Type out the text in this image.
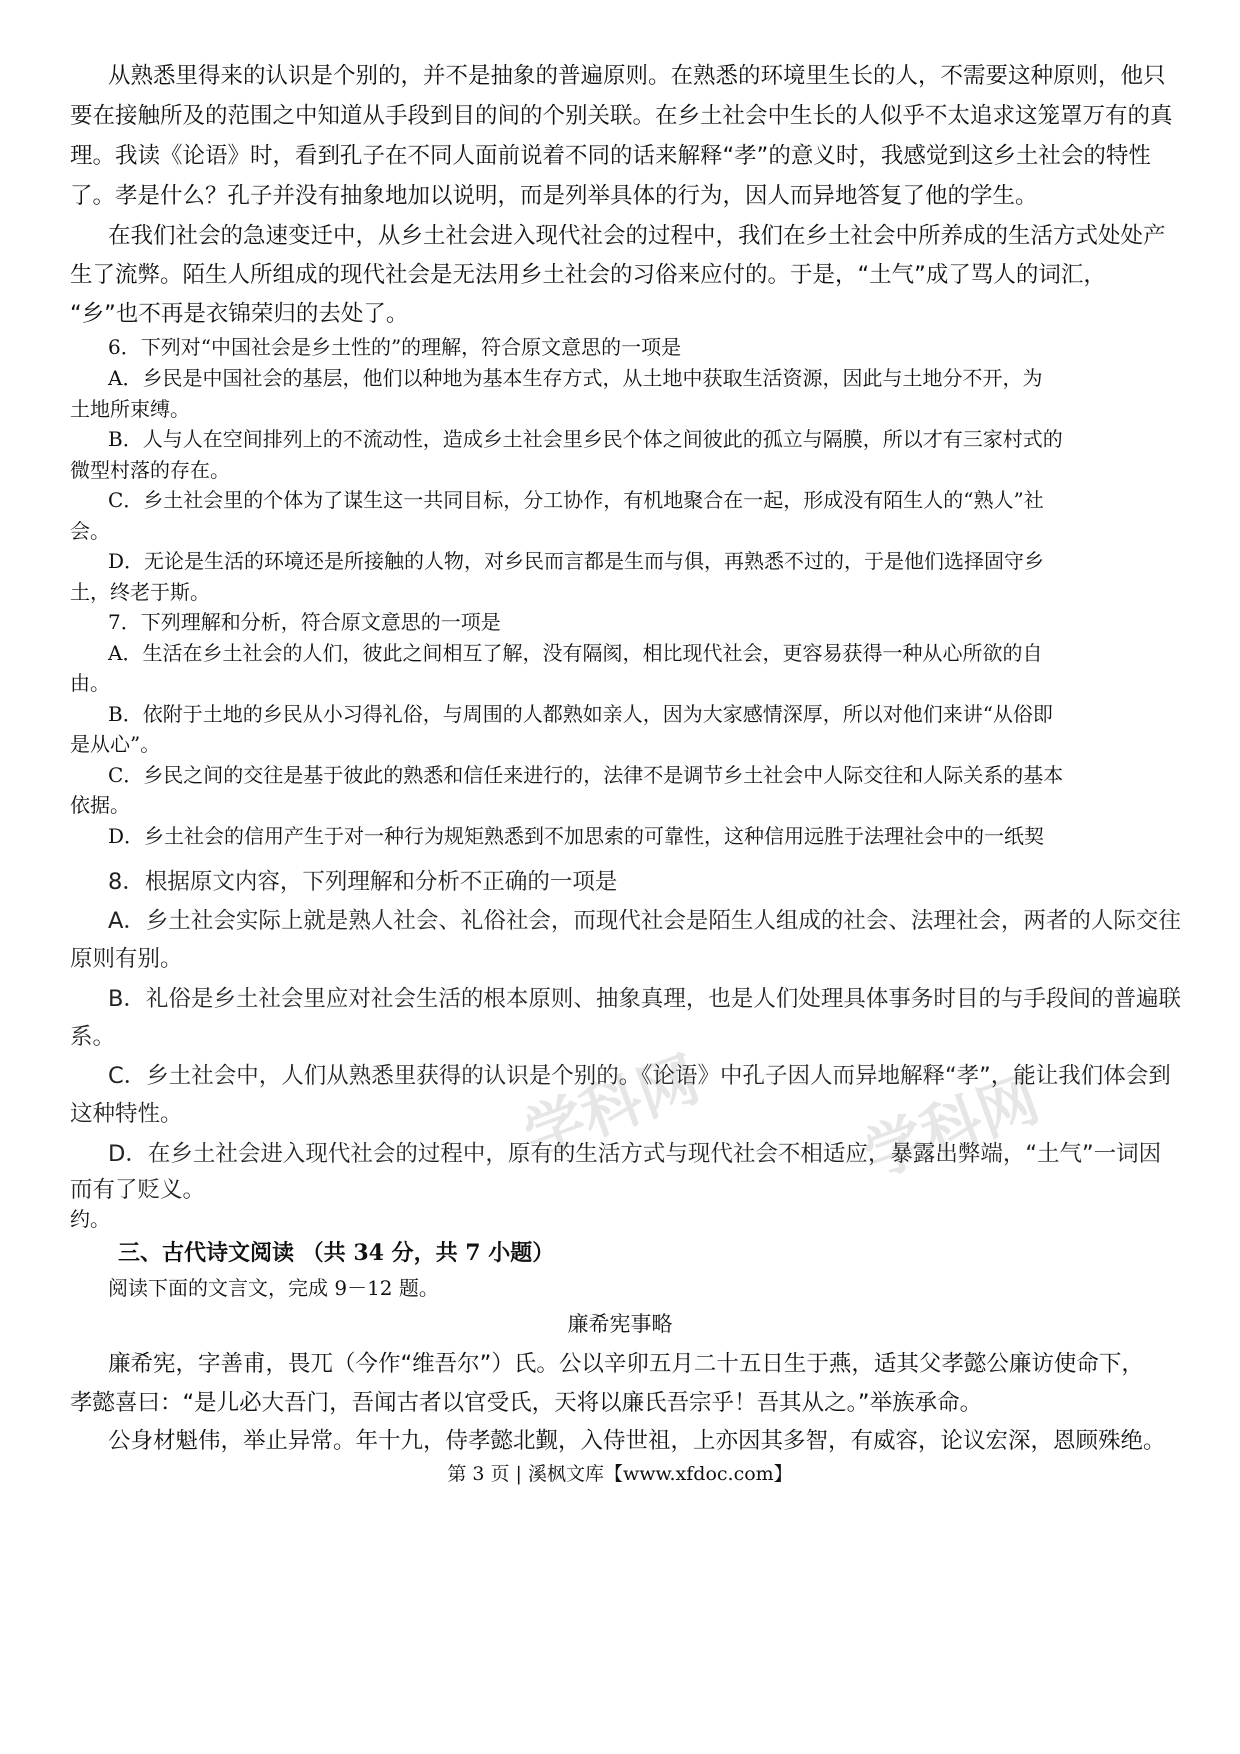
从熟悉里得来的认识是个别的，并不是抽象的普遍原则。在熟悉的环境里生长的人，不需要这种原则，他只
要在接触所及的范围之中知道从手段到目的间的个别关联。在乡土社会中生长的人似乎不太追求这笼罩万有的真
理。我读《论语》时，看到孔子在不同人面前说着不同的话来解释“孝”的意义时，我感觉到这乡土社会的特性
了。孝是什么？孔子并没有抽象地加以说明，而是列举具体的行为，因人而异地答复了他的学生。
在我们社会的急速变迁中，从乡土社会进入现代社会的过程中，我们在乡土社会中所养成的生活方式处处产
生了流弊。陌生人所组成的现代社会是无法用乡土社会的习俗来应付的。于是，“土气”成了骂人的词汇，
“乡”也不再是衣锦荣归的去处了。
6．下列对“中国社会是乡土性的”的理解，符合原文意思的一项是
A．乡民是中国社会的基层，他们以种地为基本生存方式，从土地中获取生活资源，因此与土地分不开，为
土地所束缚。
B．人与人在空间排列上的不流动性，造成乡土社会里乡民个体之间彼此的孤立与隔膜，所以才有三家村式的
微型村落的存在。
C．乡土社会里的个体为了谋生这一共同目标，分工协作，有机地聚合在一起，形成没有陌生人的“熟人”社
会。
D．无论是生活的环境还是所接触的人物，对乡民而言都是生而与俱，再熟悉不过的，于是他们选择固守乡
土，终老于斯。
7．下列理解和分析，符合原文意思的一项是
A．生活在乡土社会的人们，彼此之间相互了解，没有隔阂，相比现代社会，更容易获得一种从心所欲的自
由。
B．依附于土地的乡民从小习得礼俗，与周围的人都熟如亲人，因为大家感情深厚，所以对他们来讲“从俗即
是从心”。
C．乡民之间的交往是基于彼此的熟悉和信任来进行的，法律不是调节乡土社会中人际交往和人际关系的基本
依据。
D．乡土社会的信用产生于对一种行为规矩熟悉到不加思索的可靠性，这种信用远胜于法理社会中的一纸契
学科网 学科网
8．根据原文内容，下列理解和分析不正确的一项是
A．乡土社会实际上就是熟人社会、礼俗社会，而现代社会是陌生人组成的社会、法理社会，两者的人际交往
原则有别。
B．礼俗是乡土社会里应对社会生活的根本原则、抽象真理，也是人们处理具体事务时目的与手段间的普遍联
系。
C．乡土社会中，人们从熟悉里获得的认识是个别的。《论语》中孔子因人而异地解释“孝”，能让我们体会到
这种特性。
D．在乡土社会进入现代社会的过程中，原有的生活方式与现代社会不相适应，暴露出弊端，“土气”一词因
而有了贬义。
约。
三、古代诗文阅读 （共 34 分，共 7 小题）
阅读下面的文言文，完成 9－12 题。
廉希宪事略
廉希宪，字善甫，畏兀（今作“维吾尔”）氏。公以辛卯五月二十五日生于燕，适其父孝懿公廉访使命下，
孝懿喜曰：“是儿必大吾门，吾闻古者以官受氏，天将以廉氏吾宗乎！吾其从之。”举族承命。
公身材魁伟，举止异常。年十九，侍孝懿北觐，入侍世祖，上亦因其多智，有威容，论议宏深，恩顾殊绝。
第 3 页 | 溪枫文库【www.xfdoc.com】
